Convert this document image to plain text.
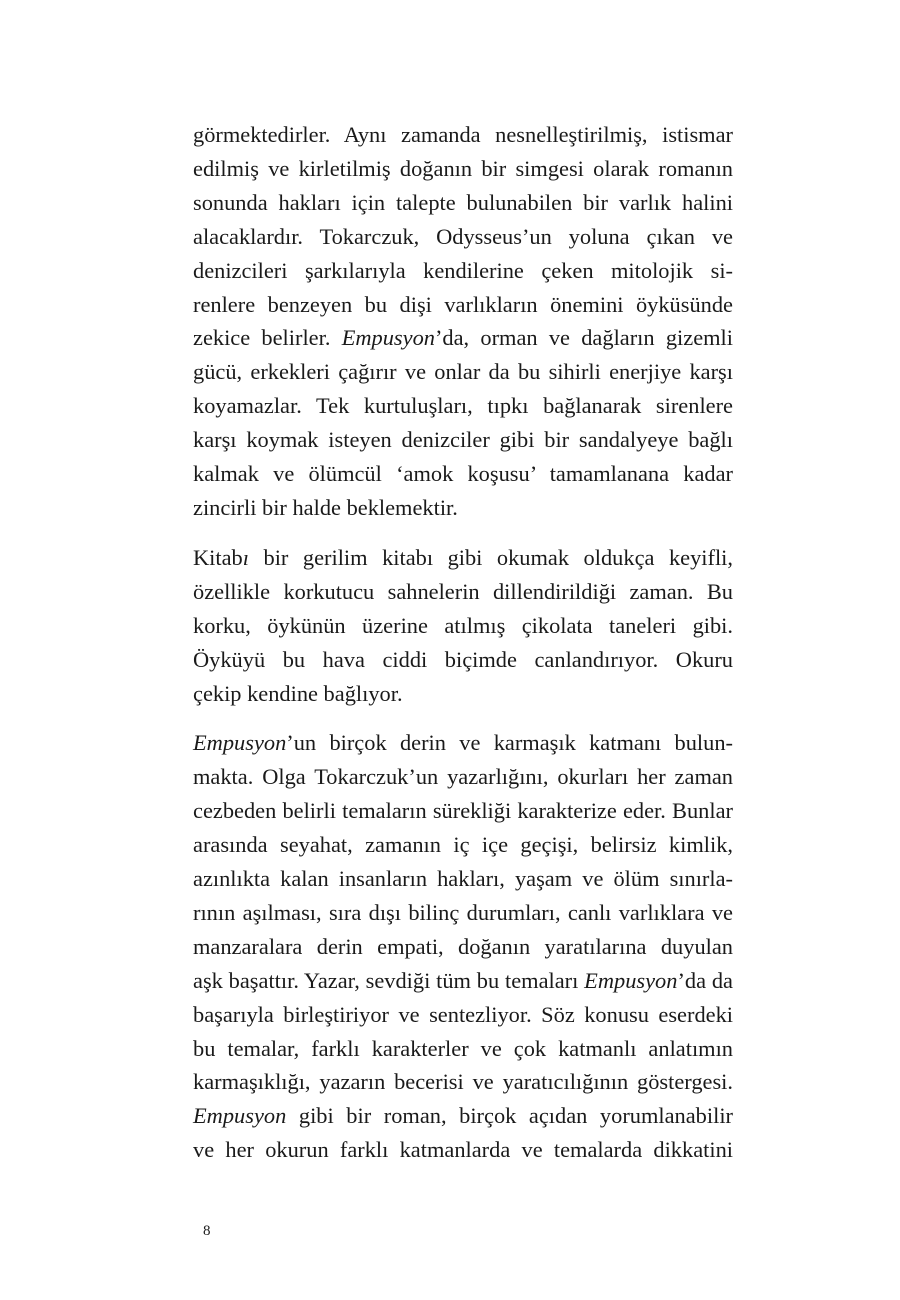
görmektedirler. Aynı zamanda nesnelleştirilmiş, istismar
edilmiş ve kirletilmiş doğanın bir simgesi olarak romanın
sonunda hakları için talepte bulunabilen bir varlık halini
alacaklardır. Tokarczuk, Odysseus’un yoluna çıkan ve
denizcileri şarkılarıyla kendilerine çeken mitolojik si-
renlere benzeyen bu dişi varlıkların önemini öyküsünde
zekice belirler. Empusyon’da, orman ve dağların gizemli
gücü, erkekleri çağırır ve onlar da bu sihirli enerjiye karşı
koyamazlar. Tek kurtuluşları, tıpkı bağlanarak sirenlere
karşı koymak isteyen denizciler gibi bir sandalyeye bağlı
kalmak ve ölümcül ‘amok koşusu’ tamamlanana kadar
zincirli bir halde beklemektir.
Kitabı bir gerilim kitabı gibi okumak oldukça keyifli,
özellikle korkutucu sahnelerin dillendirildiği zaman. Bu
korku, öykünün üzerine atılmış çikolata taneleri gibi.
Öyküyü bu hava ciddi biçimde canlandırıyor. Okuru
çekip kendine bağlıyor.
Empusyon’un birçok derin ve karmaşık katmanı bulun-
makta. Olga Tokarczuk’un yazarlığını, okurları her zaman
cezbeden belirli temaların sürekliği karakterize eder. Bunlar
arasında seyahat, zamanın iç içe geçişi, belirsiz kimlik,
azınlıkta kalan insanların hakları, yaşam ve ölüm sınırla-
rının aşılması, sıra dışı bilinç durumları, canlı varlıklara ve
manzaralara derin empati, doğanın yaratılarına duyulan
aşk başattır. Yazar, sevdiği tüm bu temaları Empusyon’da da
başarıyla birleştiriyor ve sentezliyor. Söz konusu eserdeki
bu temalar, farklı karakterler ve çok katmanlı anlatımın
karmaşıklığı, yazarın becerisi ve yaratıcılığının göstergesi.
Empusyon gibi bir roman, birçok açıdan yorumlanabilir
ve her okurun farklı katmanlarda ve temalarda dikkatini
8
